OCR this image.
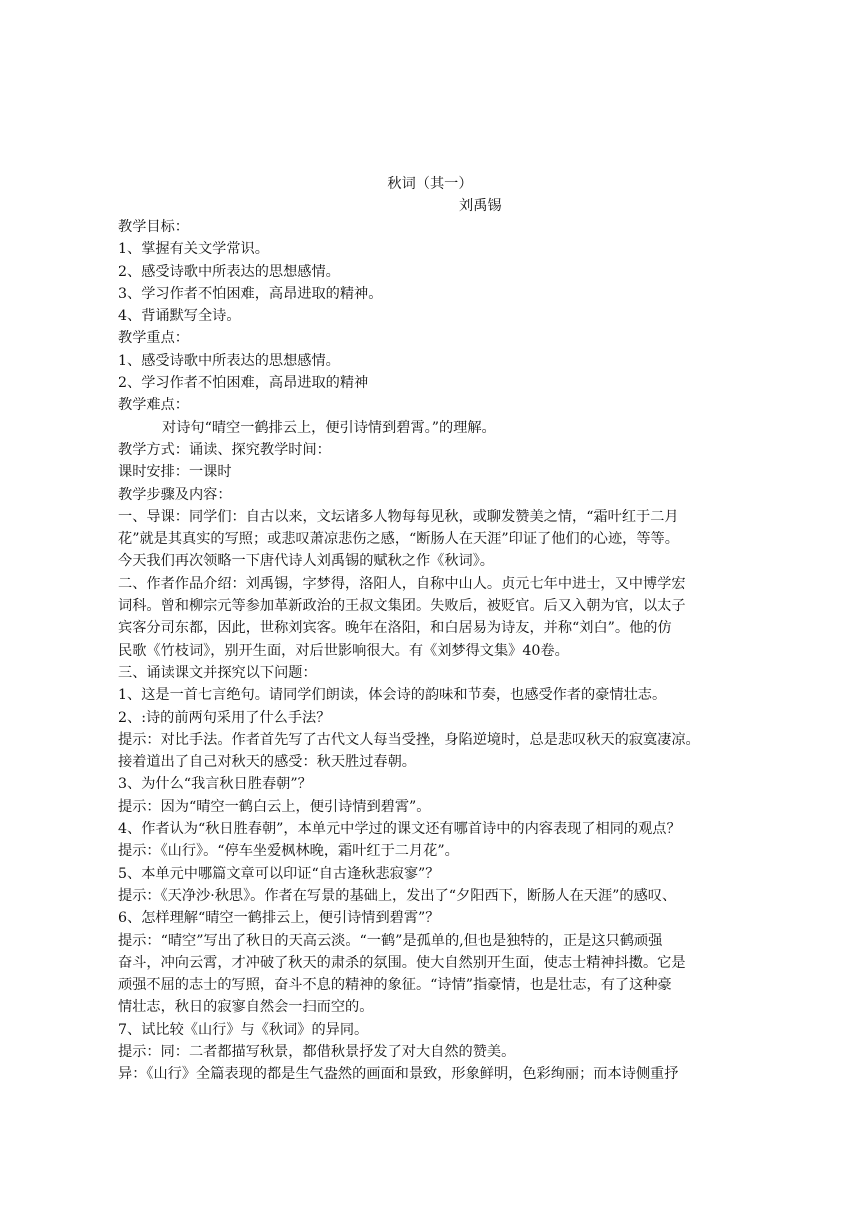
秋词（其一）
刘禹锡
教学目标：
1、掌握有关文学常识。
2、感受诗歌中所表达的思想感情。
3、学习作者不怕困难，高昂进取的精神。
4、背诵默写全诗。
教学重点：
1、感受诗歌中所表达的思想感情。
2、学习作者不怕困难，高昂进取的精神
教学难点：
对诗句“晴空一鹤排云上，便引诗情到碧霄。”的理解。
教学方式：诵读、探究教学时间：
课时安排：一课时
教学步骤及内容：
一、导课：同学们：自古以来，文坛诸多人物每每见秋，或聊发赞美之情，“霜叶红于二月
花”就是其真实的写照；或悲叹萧凉悲伤之感，“断肠人在天涯”印证了他们的心迹，等等。
今天我们再次领略一下唐代诗人刘禹锡的赋秋之作《秋词》。
二、作者作品介绍：刘禹锡，字梦得，洛阳人，自称中山人。贞元七年中进士，又中博学宏
词科。曾和柳宗元等参加革新政治的王叔文集团。失败后，被贬官。后又入朝为官，以太子
宾客分司东都，因此，世称刘宾客。晚年在洛阳，和白居易为诗友，并称“刘白”。他的仿
民歌《竹枝词》，别开生面，对后世影响很大。有《刘梦得文集》40卷。
三、诵读课文并探究以下问题：
1、这是一首七言绝句。请同学们朗读，体会诗的韵味和节奏，也感受作者的豪情壮志。
2、:诗的前两句采用了什么手法？
提示：对比手法。作者首先写了古代文人每当受挫，身陷逆境时，总是悲叹秋天的寂寞凄凉。
接着道出了自己对秋天的感受：秋天胜过春朝。
3、为什么“我言秋日胜春朝”？
提示：因为“晴空一鹤白云上，便引诗情到碧霄”。
4、作者认为“秋日胜春朝”，本单元中学过的课文还有哪首诗中的内容表现了相同的观点？
提示：《山行》。“停车坐爱枫林晚，霜叶红于二月花”。
5、本单元中哪篇文章可以印证“自古逢秋悲寂寥”？
提示：《天净沙·秋思》。作者在写景的基础上，发出了“夕阳西下，断肠人在天涯”的感叹、
6、怎样理解“晴空一鹤排云上，便引诗情到碧霄”？
提示：“晴空”写出了秋日的天高云淡。“一鹤”是孤单的,但也是独特的，正是这只鹤顽强
奋斗，冲向云霄，才冲破了秋天的肃杀的氛围。使大自然别开生面，使志士精神抖擞。它是
顽强不屈的志士的写照，奋斗不息的精神的象征。“诗情”指豪情，也是壮志，有了这种豪
情壮志，秋日的寂寥自然会一扫而空的。
7、试比较《山行》与《秋词》的异同。
提示：同：二者都描写秋景，都借秋景抒发了对大自然的赞美。
异：《山行》全篇表现的都是生气盎然的画面和景致，形象鲜明，色彩绚丽；而本诗侧重抒
